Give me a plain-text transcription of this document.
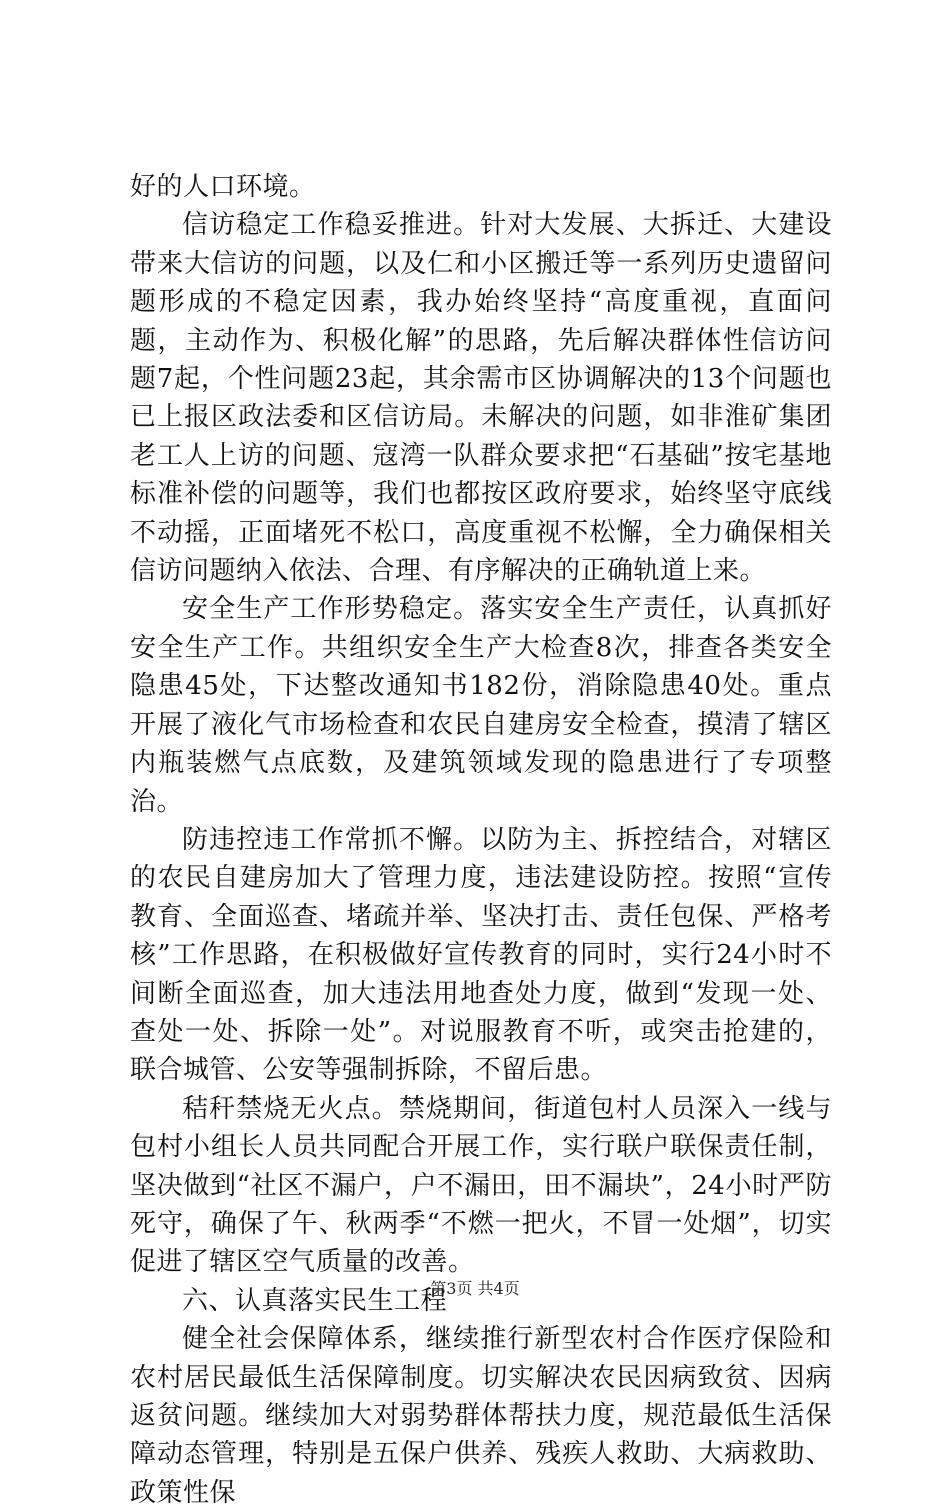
好的人口环境。

信访稳定工作稳妥推进。针对大发展、大拆迁、大建设带来大信访的问题，以及仁和小区搬迁等一系列历史遗留问题形成的不稳定因素，我办始终坚持“高度重视，直面问题，主动作为、积极化解”的思路，先后解决群体性信访问题7起，个性问题23起，其余需市区协调解决的13个问题也已上报区政法委和区信访局。未解决的问题，如非淮矿集团老工人上访的问题、寇湾一队群众要求把“石基础”按宅基地标准补偿的问题等，我们也都按区政府要求，始终坚守底线不动摇，正面堵死不松口，高度重视不松懈，全力确保相关信访问题纳入依法、合理、有序解决的正确轨道上来。

安全生产工作形势稳定。落实安全生产责任，认真抓好安全生产工作。共组织安全生产大检查8次，排查各类安全隐患45处，下达整改通知书182份，消除隐患40处。重点开展了液化气市场检查和农民自建房安全检查，摸清了辖区内瓶装燃气点底数，及建筑领域发现的隐患进行了专项整治。

防违控违工作常抓不懈。以防为主、拆控结合，对辖区的农民自建房加大了管理力度，违法建设防控。按照“宣传教育、全面巡查、堵疏并举、坚决打击、责任包保、严格考核”工作思路，在积极做好宣传教育的同时，实行24小时不间断全面巡查，加大违法用地查处力度，做到“发现一处、查处一处、拆除一处”。对说服教育不听，或突击抢建的，联合城管、公安等强制拆除，不留后患。

秸秆禁烧无火点。禁烧期间，街道包村人员深入一线与包村小组长人员共同配合开展工作，实行联户联保责任制，坚决做到“社区不漏户，户不漏田，田不漏块”，24小时严防死守，确保了午、秋两季“不燃一把火，不冒一处烟”，切实促进了辖区空气质量的改善。

六、认真落实民生工程

健全社会保障体系，继续推行新型农村合作医疗保险和农村居民最低生活保障制度。切实解决农民因病致贫、因病返贫问题。继续加大对弱势群体帮扶力度，规范最低生活保障动态管理，特别是五保户供养、残疾人救助、大病救助、政策性保

第3页 共4页
